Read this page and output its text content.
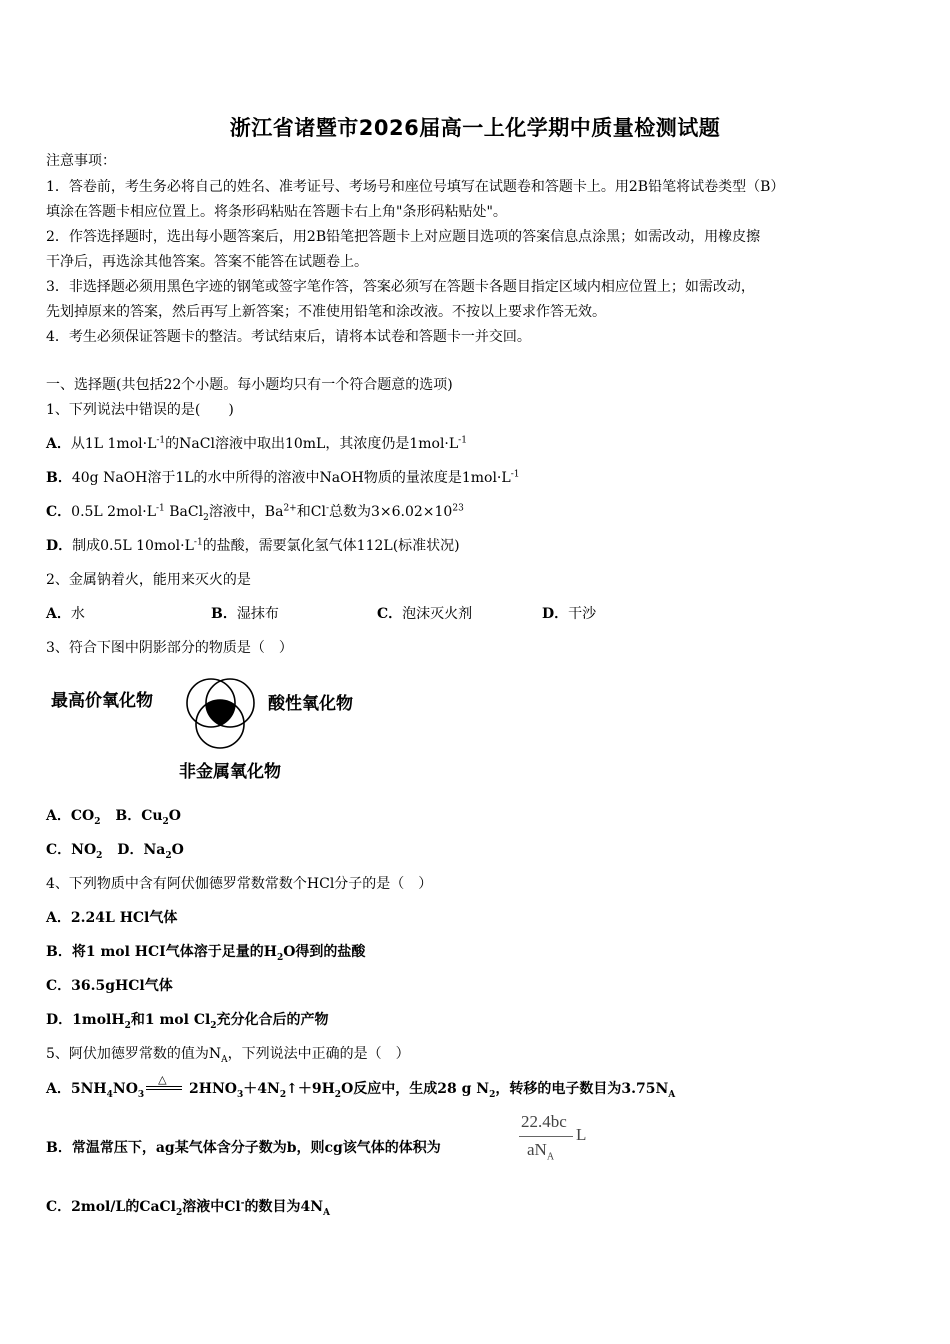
浙江省诸暨市2026届高一上化学期中质量检测试题
注意事项：
1．答卷前，考生务必将自己的姓名、准考证号、考场号和座位号填写在试题卷和答题卡上。用2B铅笔将试卷类型（B）
填涂在答题卡相应位置上。将条形码粘贴在答题卡右上角"条形码粘贴处"。
2．作答选择题时，选出每小题答案后，用2B铅笔把答题卡上对应题目选项的答案信息点涂黑；如需改动，用橡皮擦
干净后，再选涂其他答案。答案不能答在试题卷上。
3．非选择题必须用黑色字迹的钢笔或签字笔作答，答案必须写在答题卡各题目指定区域内相应位置上；如需改动，
先划掉原来的答案，然后再写上新答案；不准使用铅笔和涂改液。不按以上要求作答无效。
4．考生必须保证答题卡的整洁。考试结束后，请将本试卷和答题卡一并交回。
一、选择题(共包括22个小题。每小题均只有一个符合题意的选项)
1、下列说法中错误的是(　　)
A．从1L $1mol\cdot L^{-1}$的NaCl溶液中取出10mL，其浓度仍是$1mol\cdot L^{-1}$
B．40g NaOH溶于1L的水中所得的溶液中NaOH物质的量浓度是$1mol\cdot L^{-1}$
C．0.5L $2mol\cdot L^{-1}$ BaCl$_2$溶液中，$Ba^{2+}$和Cl-总数为$3\times 6.02\times 10^{23}$
D．制成0.5L $10mol\cdot L^{-1}$的盐酸，需要氯化氢气体112L(标准状况)
2、金属钠着火，能用来灭火的是
A．水	B．湿抹布	C．泡沫灭火剂	D．干沙
3、符合下图中阴影部分的物质是（　）
最高价氧化物	酸性氧化物
非金属氧化物
A．$CO_2$ B．$Cu_2O$
C．$NO_2$ D．$Na_2O$
4、下列物质中含有阿伏伽德罗常数常数个HCl分子的是（　）
A．2.24L HCl气体
B．将1 mol HCI气体溶于足量的$H_2O$得到的盐酸
C．36.5gHCl气体
D．1molH$_2$和1 mol $Cl_2$充分化合后的产物
5、阿伏加德罗常数的值为$N_A$，下列说法中正确的是（　）
A．$5NH_4NO_3$
△
$2HNO_3+4N_2↑+9H_2O$反应中，生成28 g $N_2$，转移的电子数目为$3.75N_A$
B．常温常压下，ag某气体含分子数为b，则cg该气体的体积为
22.4bc
$aN_A$
L
C．2mol/L的CaCl$_2$溶液中Cl-的数目为$4N_A$
